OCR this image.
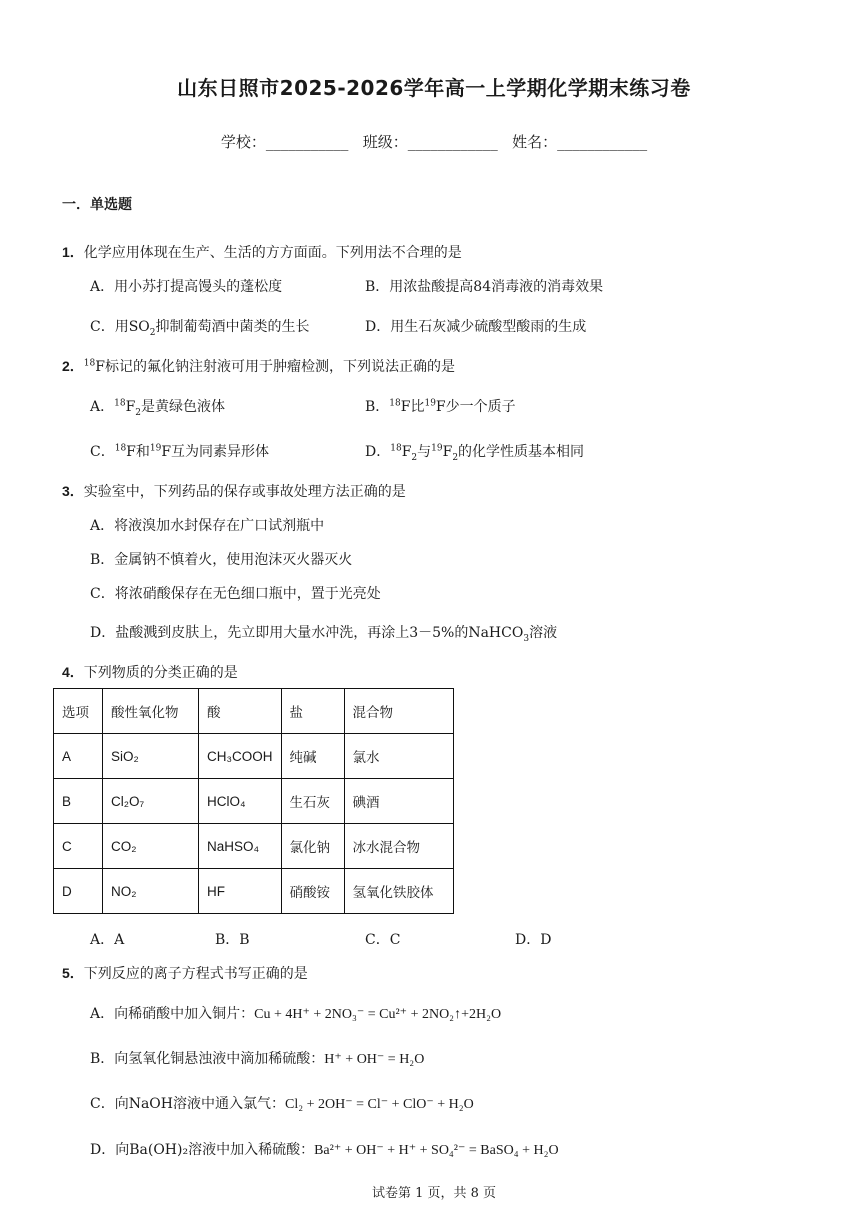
山东日照市2025-2026学年高一上学期化学期末练习卷
学校：___________ 班级：____________ 姓名：____________
一．单选题
1．化学应用体现在生产、生活的方方面面。下列用法不合理的是
A．用小苏打提高馒头的蓬松度	B．用浓盐酸提高84消毒液的消毒效果
C．用$SO_2$抑制葡萄酒中菌类的生长	D．用生石灰减少硫酸型酸雨的生成
2．$^{18}$F标记的氟化钠注射液可用于肿瘤检测，下列说法正确的是
A．$^{18}F_2$是黄绿色液体	B．$^{18}$F比$^{19}$F少一个质子
C．$^{18}$F和$^{19}$F互为同素异形体	D．$^{18}F_2$与$^{19}F_2$的化学性质基本相同
3．实验室中，下列药品的保存或事故处理方法正确的是
A．将液溴加水封保存在广口试剂瓶中
B．金属钠不慎着火，使用泡沫灭火器灭火
C．将浓硝酸保存在无色细口瓶中，置于光亮处
D．盐酸溅到皮肤上，先立即用大量水冲洗，再涂上3－5%的NaHCO$_3$溶液
4．下列物质的分类正确的是
选项	酸性氧化物	酸	盐	混合物
A	SiO₂	CH₃COOH	纯碱	氯水
B	Cl₂O₇	HClO₄	生石灰	碘酒
C	CO₂	NaHSO₄	氯化钠	冰水混合物
D	NO₂	HF	硝酸铵	氢氧化铁胶体
A．A	B．B	C．C	D．D
5．下列反应的离子方程式书写正确的是
A．向稀硝酸中加入铜片：Cu + 4H⁺ + 2NO₃⁻ = Cu²⁺ + 2NO₂↑+2H₂O
B．向氢氧化铜悬浊液中滴加稀硫酸：H⁺ + OH⁻ = H₂O
C．向NaOH溶液中通入氯气：Cl₂ + 2OH⁻ = Cl⁻ + ClO⁻ + H₂O
D．向Ba(OH)₂溶液中加入稀硫酸：Ba²⁺ + OH⁻ + H⁺ + SO₄²⁻ = BaSO₄ + H₂O
试卷第 1 页，共 8 页
